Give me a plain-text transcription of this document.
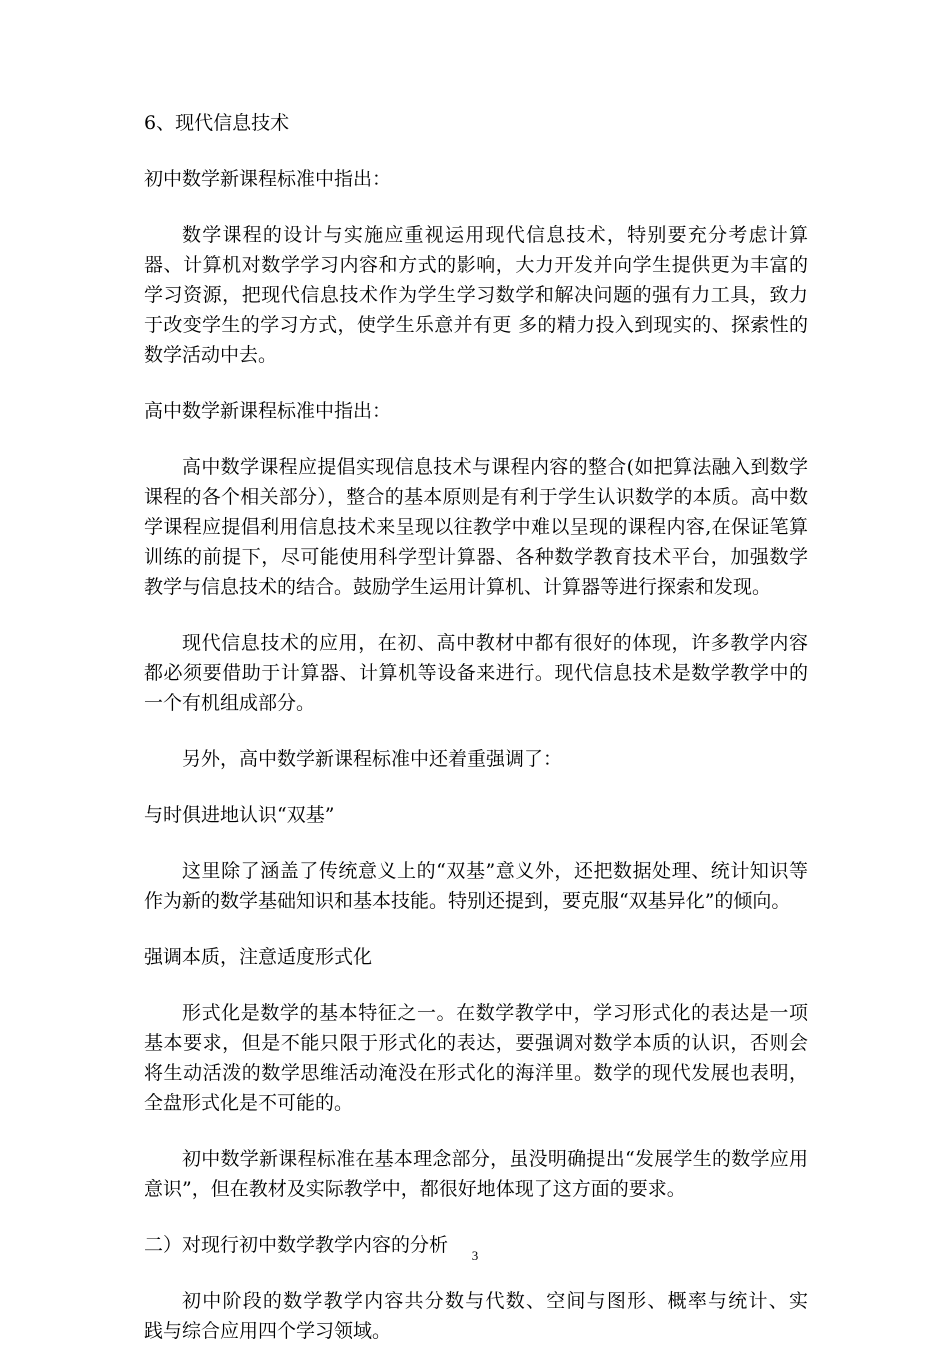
6、现代信息技术

初中数学新课程标准中指出：

数学课程的设计与实施应重视运用现代信息技术，特别要充分考虑计算器、计算机对数学学习内容和方式的影响，大力开发并向学生提供更为丰富的学习资源，把现代信息技术作为学生学习数学和解决问题的强有力工具，致力于改变学生的学习方式，使学生乐意并有更 多的精力投入到现实的、探索性的数学活动中去。

高中数学新课程标准中指出：

高中数学课程应提倡实现信息技术与课程内容的整合(如把算法融入到数学课程的各个相关部分），整合的基本原则是有利于学生认识数学的本质。高中数学课程应提倡利用信息技术来呈现以往教学中难以呈现的课程内容,在保证笔算训练的前提下，尽可能使用科学型计算器、各种数学教育技术平台，加强数学教学与信息技术的结合。鼓励学生运用计算机、计算器等进行探索和发现。

现代信息技术的应用，在初、高中教材中都有很好的体现，许多教学内容都必须要借助于计算器、计算机等设备来进行。现代信息技术是数学教学中的一个有机组成部分。

另外，高中数学新课程标准中还着重强调了：

与时俱进地认识“双基”

这里除了涵盖了传统意义上的“双基”意义外，还把数据处理、统计知识等作为新的数学基础知识和基本技能。特别还提到，要克服“双基异化”的倾向。

强调本质，注意适度形式化

形式化是数学的基本特征之一。在数学教学中，学习形式化的表达是一项基本要求，但是不能只限于形式化的表达，要强调对数学本质的认识，否则会将生动活泼的数学思维活动淹没在形式化的海洋里。数学的现代发展也表明，全盘形式化是不可能的。

初中数学新课程标准在基本理念部分，虽没明确提出“发展学生的数学应用意识”，但在教材及实际教学中，都很好地体现了这方面的要求。

二）对现行初中数学教学内容的分析

初中阶段的数学教学内容共分数与代数、空间与图形、概率与统计、实　践与综合应用四个学习领域。

3
